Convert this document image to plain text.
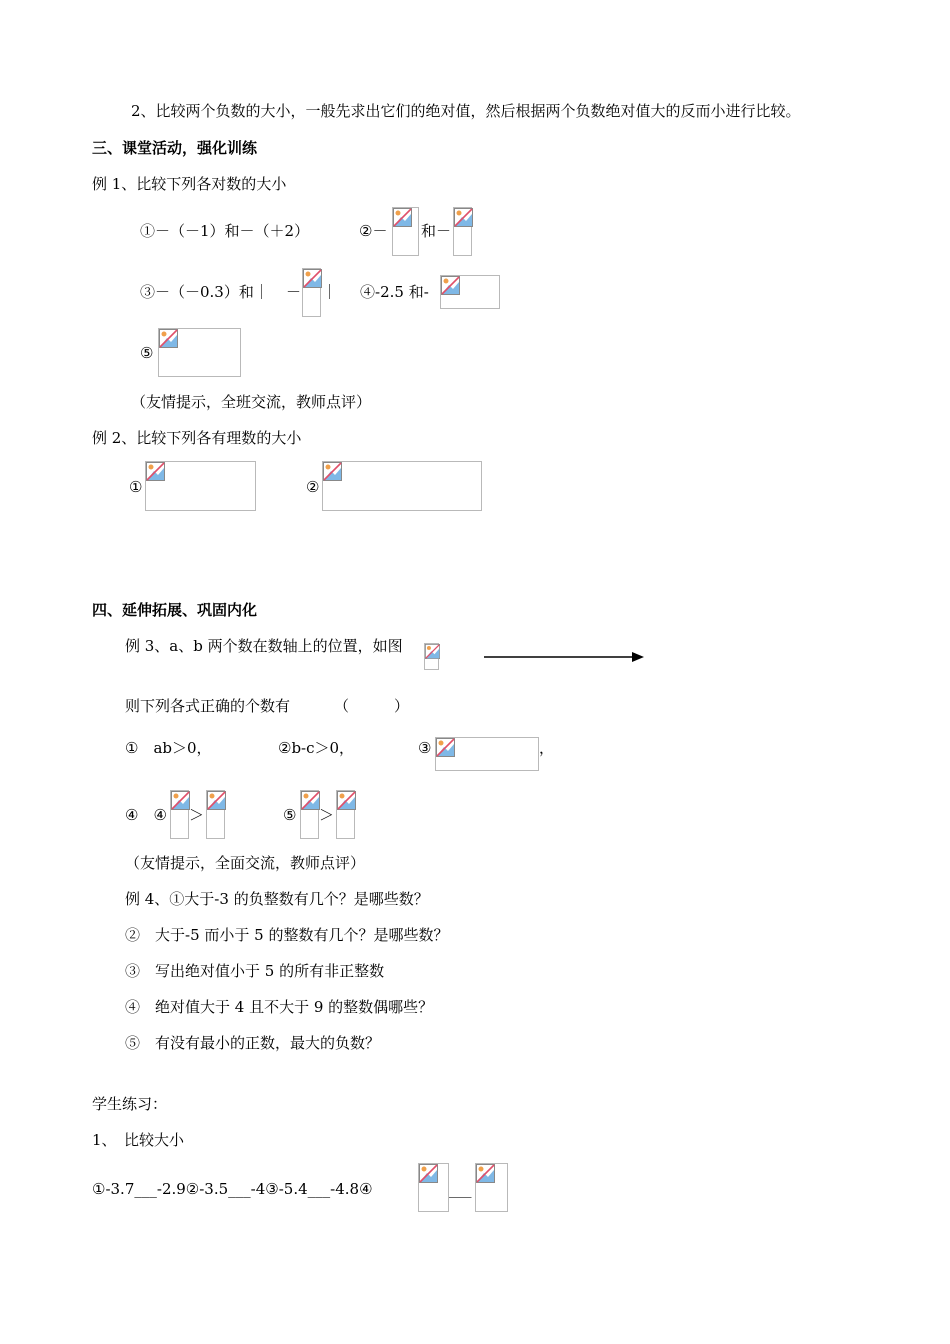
2、比较两个负数的大小，一般先求出它们的绝对值，然后根据两个负数绝对值大的反而小进行比较。
三、课堂活动，强化训练
例 1、比较下列各对数的大小
①－（－1）和－（＋2）	②－ 和－
③－（－0.3）和｜ － ｜ ④-2.5 和-
⑤
（友情提示，全班交流，教师点评）
例 2、比较下列各有理数的大小
①	②
四、延伸拓展、巩固内化
例 3、a、b 两个数在数轴上的位置，如图
则下列各式正确的个数有	（　　　）
①　ab＞0，	②b-c＞0，	③	，
④　④ ＞	⑤ ＞
（友情提示，全面交流，教师点评）
例 4、①大于-3 的负整数有几个？是哪些数？
②　大于-5 而小于 5 的整数有几个？是哪些数？
③　写出绝对值小于 5 的所有非正整数
④　绝对值大于 4 且不大于 9 的整数偶哪些？
⑤　有没有最小的正数，最大的负数？
学生练习：
1、　比较大小
①-3.7___-2.9②-3.5___-4③-5.4___-4.8④	___
